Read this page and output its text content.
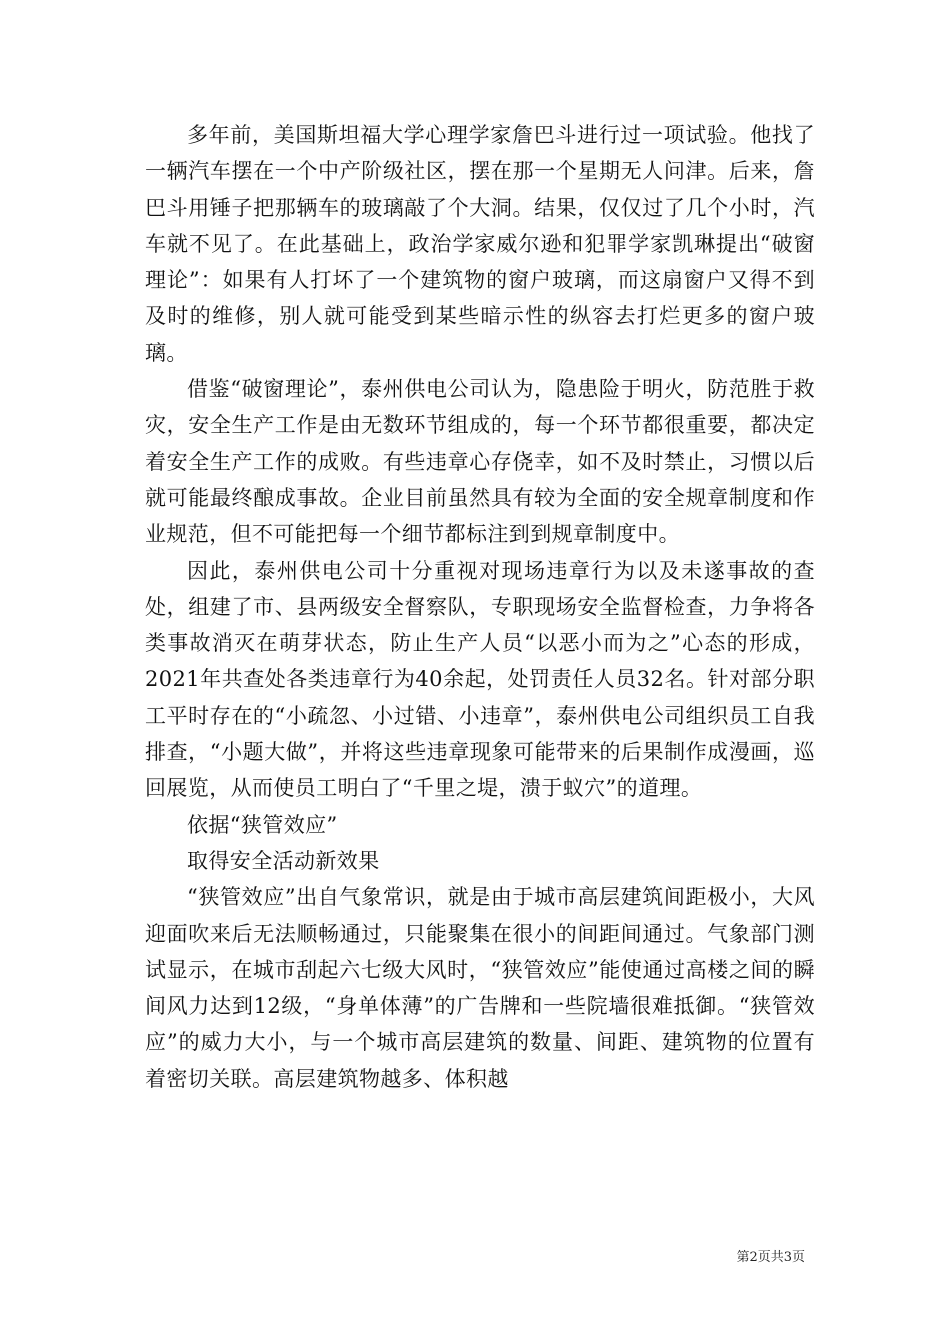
多年前，美国斯坦福大学心理学家詹巴斗进行过一项试验。他找了一辆汽车摆在一个中产阶级社区，摆在那一个星期无人问津。后来，詹巴斗用锤子把那辆车的玻璃敲了个大洞。结果，仅仅过了几个小时，汽车就不见了。在此基础上，政治学家威尔逊和犯罪学家凯琳提出“破窗理论”：如果有人打坏了一个建筑物的窗户玻璃，而这扇窗户又得不到及时的维修，别人就可能受到某些暗示性的纵容去打烂更多的窗户玻璃。

借鉴“破窗理论”，泰州供电公司认为，隐患险于明火，防范胜于救灾，安全生产工作是由无数环节组成的，每一个环节都很重要，都决定着安全生产工作的成败。有些违章心存侥幸，如不及时禁止，习惯以后就可能最终酿成事故。企业目前虽然具有较为全面的安全规章制度和作业规范，但不可能把每一个细节都标注到到规章制度中。

因此，泰州供电公司十分重视对现场违章行为以及未遂事故的查处，组建了市、县两级安全督察队，专职现场安全监督检查，力争将各类事故消灭在萌芽状态，防止生产人员“以恶小而为之”心态的形成，2021年共查处各类违章行为40余起，处罚责任人员32名。针对部分职工平时存在的“小疏忽、小过错、小违章”，泰州供电公司组织员工自我排查，“小题大做”，并将这些违章现象可能带来的后果制作成漫画，巡回展览，从而使员工明白了“千里之堤，溃于蚁穴”的道理。

依据“狭管效应”

取得安全活动新效果

“狭管效应”出自气象常识，就是由于城市高层建筑间距极小，大风迎面吹来后无法顺畅通过，只能聚集在很小的间距间通过。气象部门测试显示，在城市刮起六七级大风时，“狭管效应”能使通过高楼之间的瞬间风力达到12级，“身单体薄”的广告牌和一些院墙很难抵御。“狭管效应”的威力大小，与一个城市高层建筑的数量、间距、建筑物的位置有着密切关联。高层建筑物越多、体积越

第2页共3页
